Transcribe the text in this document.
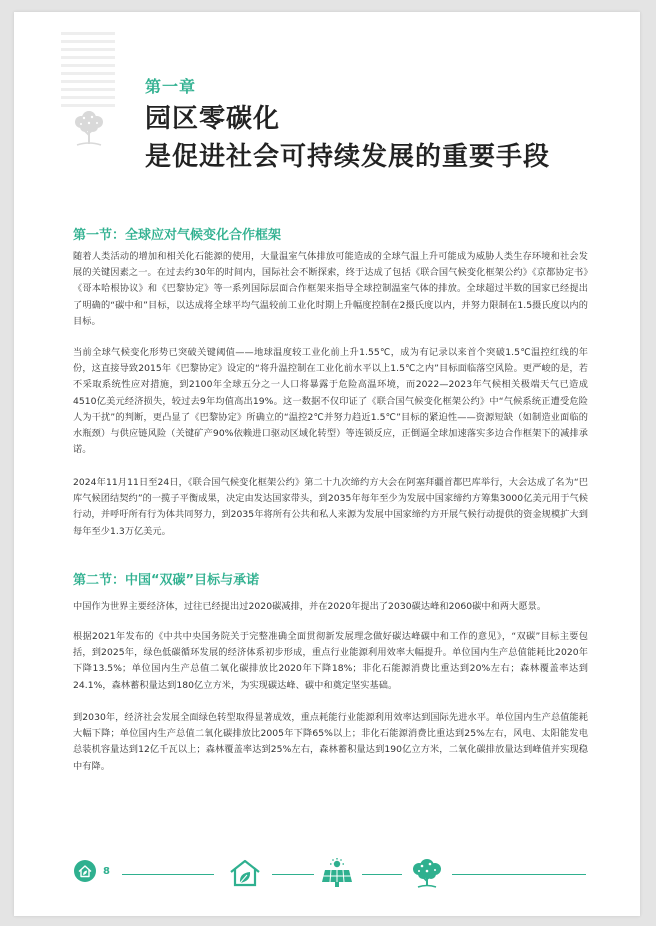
第一章
园区零碳化
是促进社会可持续发展的重要手段
第一节：全球应对气候变化合作框架

随着人类活动的增加和相关化石能源的使用，大量温室气体排放可能造成的全球气温上升可能成为威胁人类生存环境和社会发展的关键因素之一。在过去约30年的时间内，国际社会不断探索，终于达成了包括《联合国气候变化框架公约》《京都协定书》《哥本哈根协议》和《巴黎协定》等一系列国际层面合作框架来指导全球控制温室气体的排放。全球超过半数的国家已经提出了明确的“碳中和”目标，以达成将全球平均气温较前工业化时期上升幅度控制在2摄氏度以内，并努力限制在1.5摄氏度以内的目标。

当前全球气候变化形势已突破关键阈值——地球温度较工业化前上升1.55℃，成为有记录以来首个突破1.5℃温控红线的年份，这直接导致2015年《巴黎协定》设定的“将升温控制在工业化前水平以上1.5℃之内”目标面临落空风险。更严峻的是，若不采取系统性应对措施，到2100年全球五分之一人口将暴露于危险高温环境，而2022—2023年气候相关极端天气已造成4510亿美元经济损失，较过去9年均值高出19%。这一数据不仅印证了《联合国气候变化框架公约》中“气候系统正遭受危险人为干扰”的判断，更凸显了《巴黎协定》所确立的“温控2℃并努力趋近1.5℃”目标的紧迫性——资源短缺（如制造业面临的水瓶颈）与供应链风险（关键矿产90%依赖进口驱动区域化转型）等连锁反应，正倒逼全球加速落实多边合作框架下的减排承诺。

2024年11月11日至24日，《联合国气候变化框架公约》第二十九次缔约方大会在阿塞拜疆首都巴库举行，大会达成了名为“巴库气候团结契约”的一揽子平衡成果，决定由发达国家带头，到2035年每年至少为发展中国家缔约方筹集3000亿美元用于气候行动，并呼吁所有行为体共同努力，到2035年将所有公共和私人来源为发展中国家缔约方开展气候行动提供的资金规模扩大到每年至少1.3万亿美元。

第二节：中国“双碳”目标与承诺

中国作为世界主要经济体，过往已经提出过2020碳减排，并在2020年提出了2030碳达峰和2060碳中和两大愿景。

根据2021年发布的《中共中央国务院关于完整准确全面贯彻新发展理念做好碳达峰碳中和工作的意见》，“双碳”目标主要包括，到2025年，绿色低碳循环发展的经济体系初步形成，重点行业能源利用效率大幅提升。单位国内生产总值能耗比2020年下降13.5%；单位国内生产总值二氧化碳排放比2020年下降18%；非化石能源消费比重达到20%左右；森林覆盖率达到24.1%，森林蓄积量达到180亿立方米，为实现碳达峰、碳中和奠定坚实基础。

到2030年，经济社会发展全面绿色转型取得显著成效，重点耗能行业能源利用效率达到国际先进水平。单位国内生产总值能耗大幅下降；单位国内生产总值二氧化碳排放比2005年下降65%以上；非化石能源消费比重达到25%左右，风电、太阳能发电总装机容量达到12亿千瓦以上；森林覆盖率达到25%左右，森林蓄积量达到190亿立方米，二氧化碳排放量达到峰值并实现稳中有降。

8
